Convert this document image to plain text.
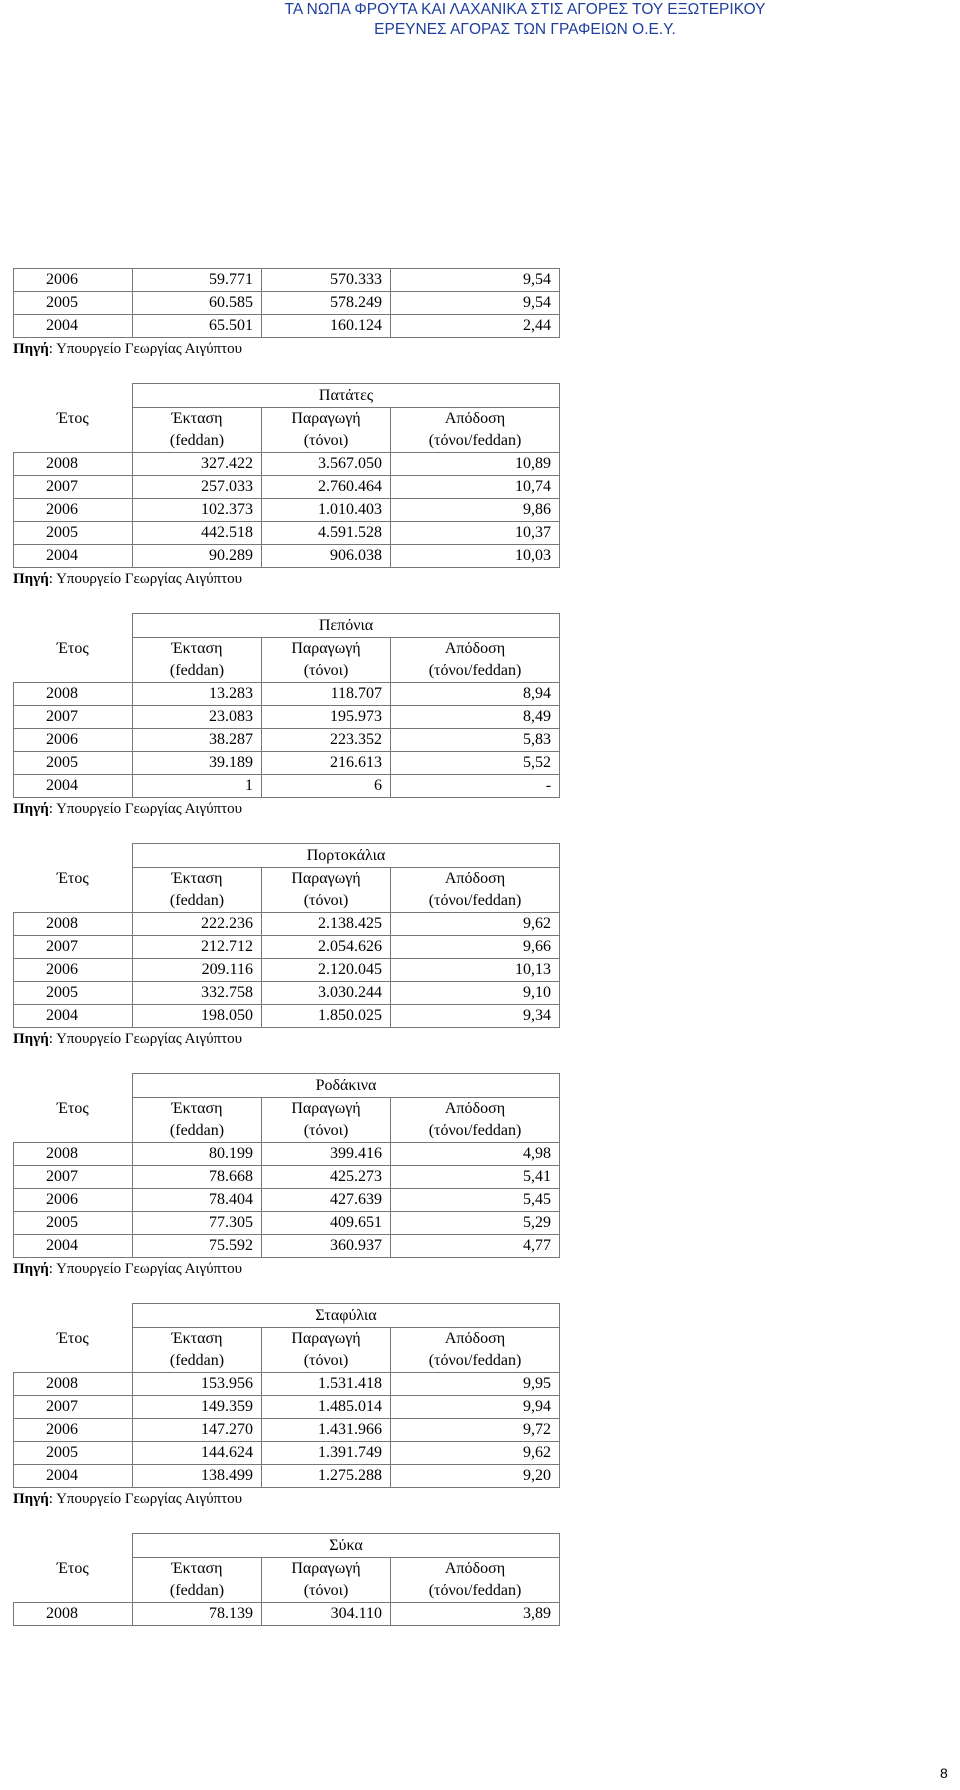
ΤΑ ΝΩΠΑ ΦΡΟΥΤΑ ΚΑΙ ΛΑΧΑΝΙΚΑ ΣΤΙΣ ΑΓΟΡΕΣ ΤΟΥ ΕΞΩΤΕΡΙΚΟΥ
ΕΡΕΥΝΕΣ ΑΓΟΡΑΣ ΤΩΝ ΓΡΑΦΕΙΩΝ Ο.Ε.Υ.
2006	59.771	570.333	9,54
2005	60.585	578.249	9,54
2004	65.501	160.124	2,44
Πηγή: Υπουργείο Γεωργίας Αιγύπτου
	Πατάτες		
Έτος	Έκταση	Παραγωγή	Απόδοση
	(feddan)	(τόνοι)	(τόνοι/feddan)
2008	327.422	3.567.050	10,89
2007	257.033	2.760.464	10,74
2006	102.373	1.010.403	9,86
2005	442.518	4.591.528	10,37
2004	90.289	906.038	10,03
Πηγή: Υπουργείο Γεωργίας Αιγύπτου
	Πεπόνια		
Έτος	Έκταση	Παραγωγή	Απόδοση
	(feddan)	(τόνοι)	(τόνοι/feddan)
2008	13.283	118.707	8,94
2007	23.083	195.973	8,49
2006	38.287	223.352	5,83
2005	39.189	216.613	5,52
2004	1	6	-
Πηγή: Υπουργείο Γεωργίας Αιγύπτου
	Πορτοκάλια		
Έτος	Έκταση	Παραγωγή	Απόδοση
	(feddan)	(τόνοι)	(τόνοι/feddan)
2008	222.236	2.138.425	9,62
2007	212.712	2.054.626	9,66
2006	209.116	2.120.045	10,13
2005	332.758	3.030.244	9,10
2004	198.050	1.850.025	9,34
Πηγή: Υπουργείο Γεωργίας Αιγύπτου
	Ροδάκινα		
Έτος	Έκταση	Παραγωγή	Απόδοση
	(feddan)	(τόνοι)	(τόνοι/feddan)
2008	80.199	399.416	4,98
2007	78.668	425.273	5,41
2006	78.404	427.639	5,45
2005	77.305	409.651	5,29
2004	75.592	360.937	4,77
Πηγή: Υπουργείο Γεωργίας Αιγύπτου
	Σταφύλια		
Έτος	Έκταση	Παραγωγή	Απόδοση
	(feddan)	(τόνοι)	(τόνοι/feddan)
2008	153.956	1.531.418	9,95
2007	149.359	1.485.014	9,94
2006	147.270	1.431.966	9,72
2005	144.624	1.391.749	9,62
2004	138.499	1.275.288	9,20
Πηγή: Υπουργείο Γεωργίας Αιγύπτου
	Σύκα		
Έτος	Έκταση	Παραγωγή	Απόδοση
	(feddan)	(τόνοι)	(τόνοι/feddan)
2008	78.139	304.110	3,89
8
